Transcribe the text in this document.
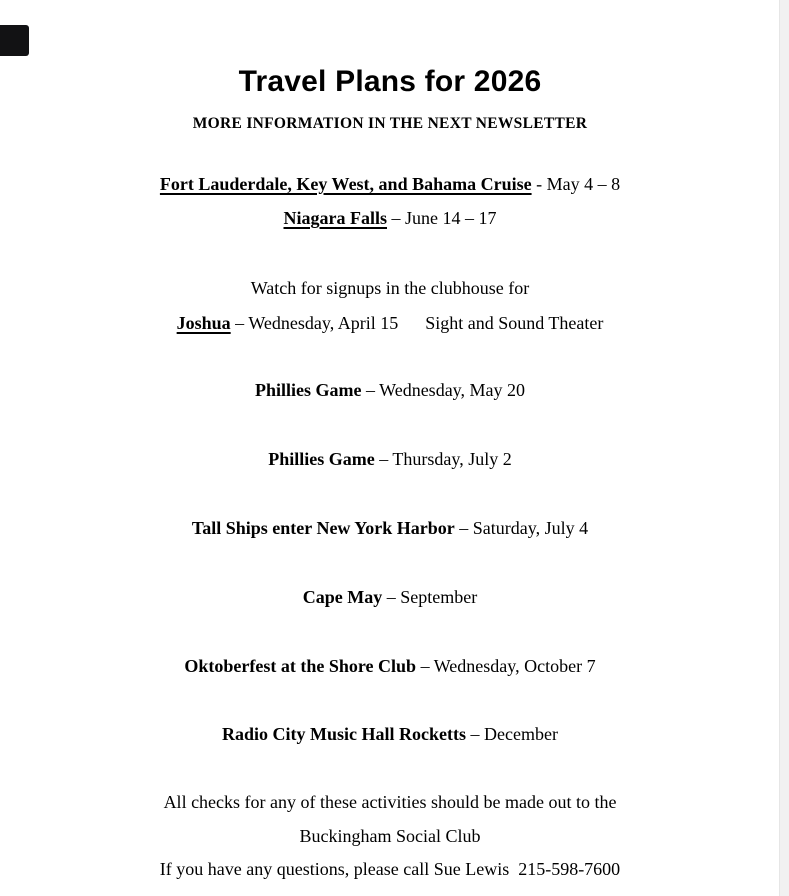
Travel Plans for 2026
MORE INFORMATION IN THE NEXT NEWSLETTER
Fort Lauderdale, Key West, and Bahama Cruise - May 4 – 8
Niagara Falls – June 14 – 17
Watch for signups in the clubhouse for
Joshua – Wednesday, April 15 Sight and Sound Theater
Phillies Game – Wednesday, May 20
Phillies Game – Thursday, July 2
Tall Ships enter New York Harbor – Saturday, July 4
Cape May – September
Oktoberfest at the Shore Club – Wednesday, October 7
Radio City Music Hall Rocketts – December
All checks for any of these activities should be made out to the
Buckingham Social Club
If you have any questions, please call Sue Lewis  215-598-7600
